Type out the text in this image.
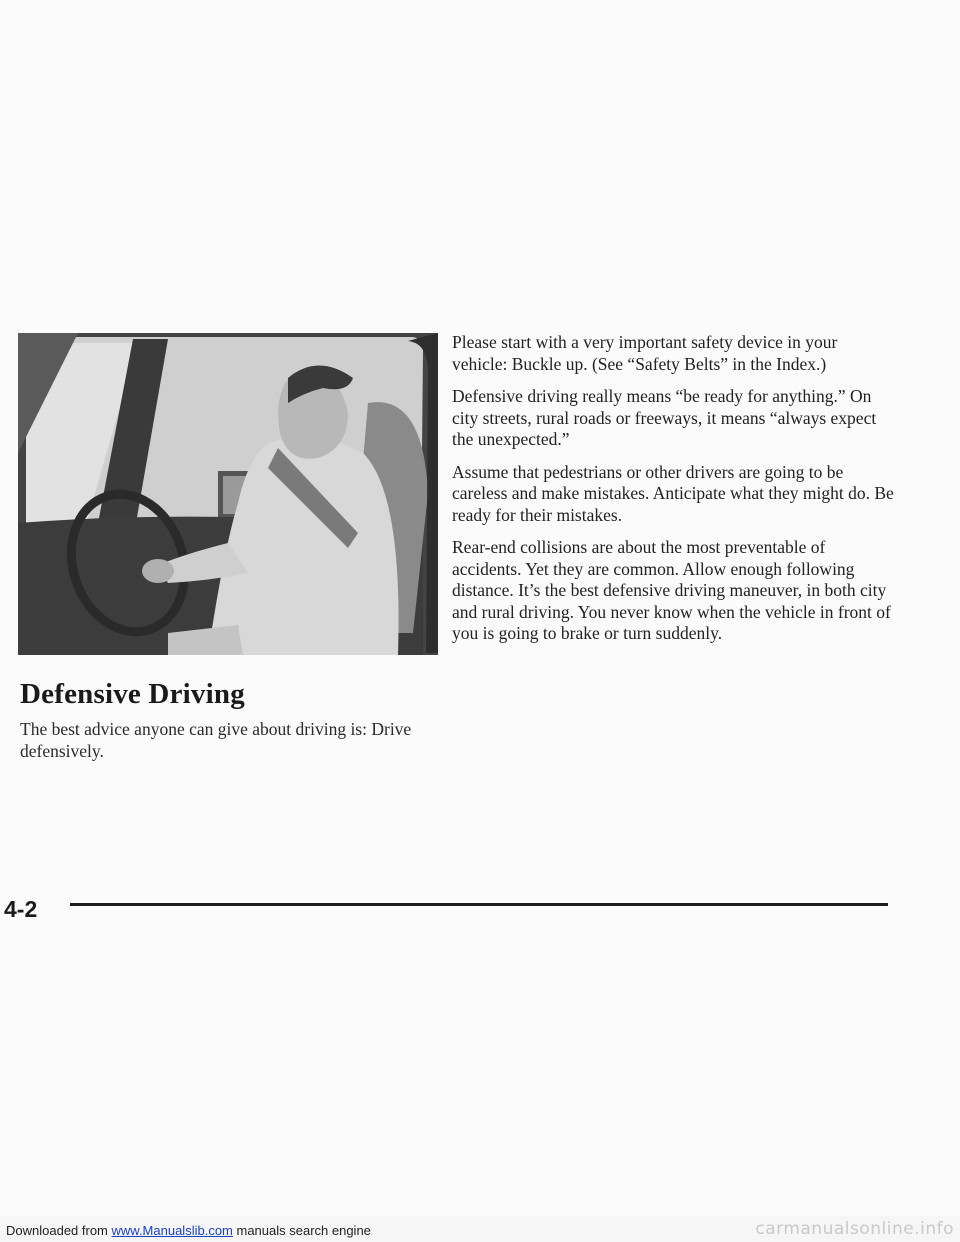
Defensive Driving

The best advice anyone can give about driving is: Drive defensively.

Please start with a very important safety device in your vehicle: Buckle up. (See “Safety Belts” in the Index.)

Defensive driving really means “be ready for anything.” On city streets, rural roads or freeways, it means “always expect the unexpected.”

Assume that pedestrians or other drivers are going to be careless and make mistakes. Anticipate what they might do. Be ready for their mistakes.

Rear-end collisions are about the most preventable of accidents. Yet they are common. Allow enough following distance. It’s the best defensive driving maneuver, in both city and rural driving. You never know when the vehicle in front of you is going to brake or turn suddenly.

4-2
Downloaded from www.Manualslib.com manuals search engine	carmanualsonline.info
